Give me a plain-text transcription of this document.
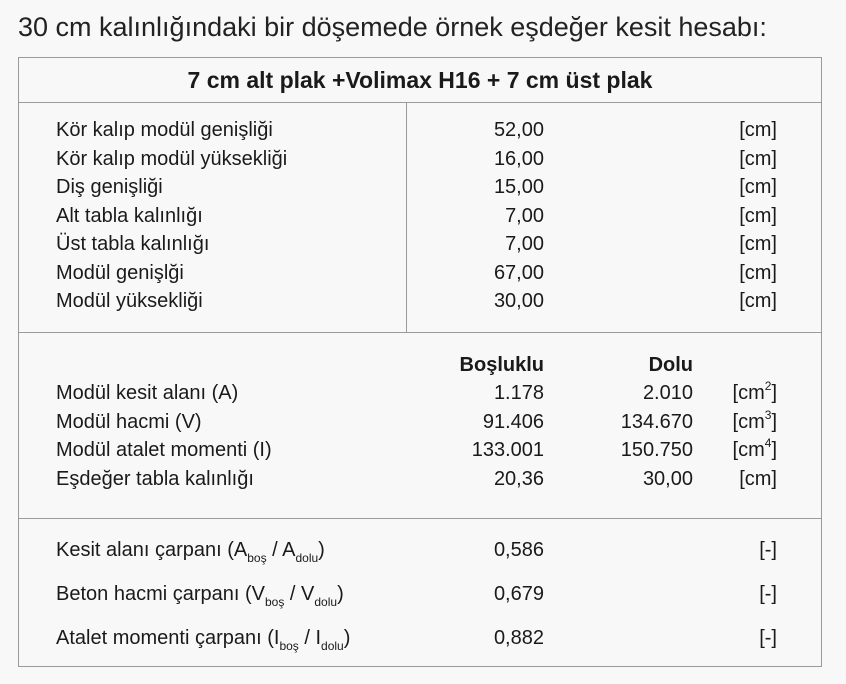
30 cm kalınlığındaki bir döşemede örnek eşdeğer kesit hesabı:
7 cm alt plak +Volimax H16 + 7 cm üst plak
Kör kalıp modül genişliği	52,00	[cm]
Kör kalıp modül yüksekliği	16,00	[cm]
Diş genişliği	15,00	[cm]
Alt tabla kalınlığı	7,00	[cm]
Üst tabla kalınlığı	7,00	[cm]
Modül genişlği	67,00	[cm]
Modül yüksekliği	30,00	[cm]
Boşluklu	Dolu
Modül kesit alanı (A)	1.178	2.010 $[cm^2]$
Modül hacmi (V)	91.406	134.670 $[cm^3]$
Modül atalet momenti (I)	133.001	150.750 $[cm^4]$
Eşdeğer tabla kalınlığı	20,36	30,00 [cm]
Kesit alanı çarpanı $(A_{boş} / A_{dolu})$	0,586	[-]
Beton hacmi çarpanı $(V_{boş} / V_{dolu})$	0,679	[-]
Atalet momenti çarpanı $(I_{boş} / I_{dolu})$	0,882	[-]
